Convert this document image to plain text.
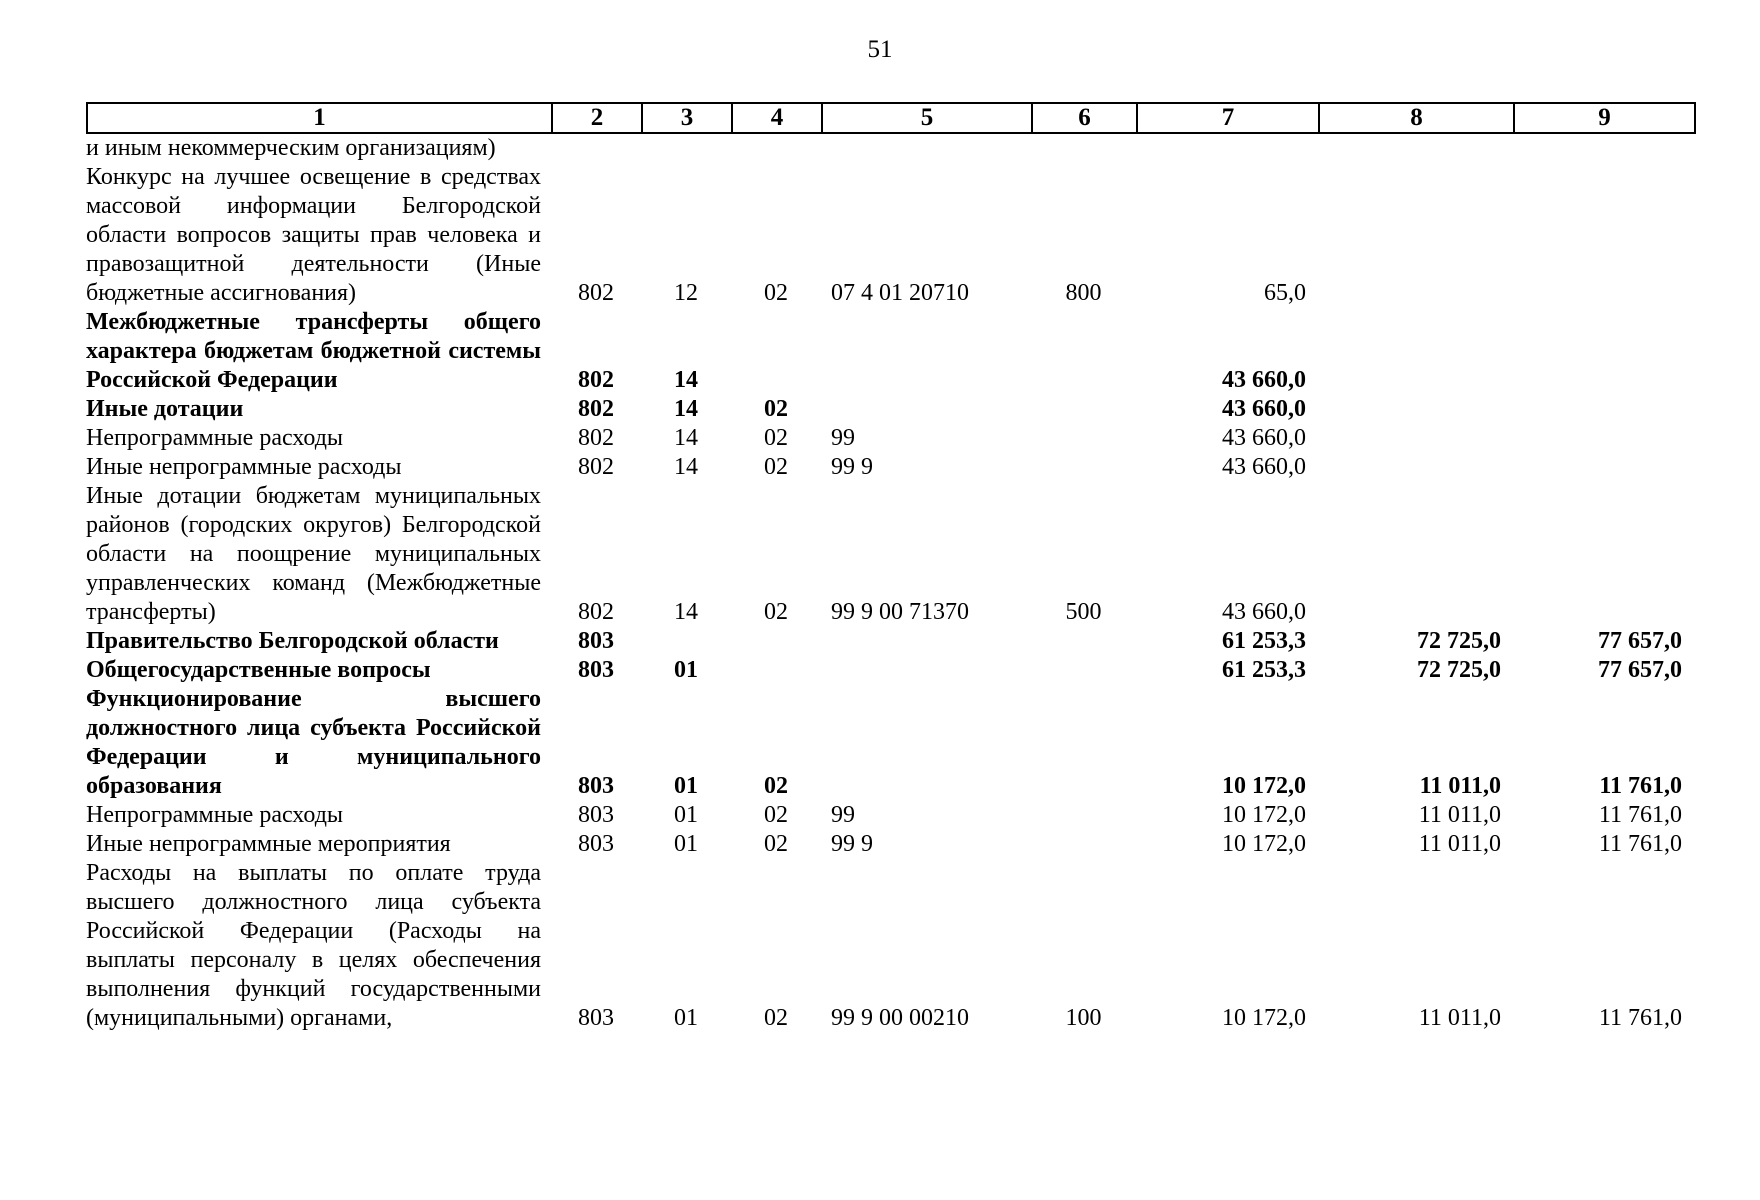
51
1	2	3	4	5	6	7	8	9
и иным некоммерческим организациям)								
Конкурс на лучшее освещение в средствах массовой информации Белгородской области вопросов защиты прав человека и правозащитной деятельности (Иные бюджетные ассигнования)	802	12	02	07 4 01 20710	800	65,0		
Межбюджетные трансферты общего характера бюджетам бюджетной системы Российской Федерации	802	14				43 660,0		
Иные дотации	802	14	02			43 660,0		
Непрограммные расходы	802	14	02	99		43 660,0		
Иные непрограммные расходы	802	14	02	99 9		43 660,0		
Иные дотации бюджетам муниципальных районов (городских округов) Белгородской области на поощрение муниципальных управленческих команд (Межбюджетные трансферты)	802	14	02	99 9 00 71370	500	43 660,0		
Правительство Белгородской области	803					61 253,3	72 725,0	77 657,0
Общегосударственные вопросы	803	01				61 253,3	72 725,0	77 657,0
Функционирование высшего должностного лица субъекта Российской Федерации и муниципального образования	803	01	02			10 172,0	11 011,0	11 761,0
Непрограммные расходы	803	01	02	99		10 172,0	11 011,0	11 761,0
Иные непрограммные мероприятия	803	01	02	99 9		10 172,0	11 011,0	11 761,0
Расходы на выплаты по оплате труда высшего должностного лица субъекта Российской Федерации (Расходы на выплаты персоналу в целях обеспечения выполнения функций государственными (муниципальными) органами,	803	01	02	99 9 00 00210	100	10 172,0	11 011,0	11 761,0
